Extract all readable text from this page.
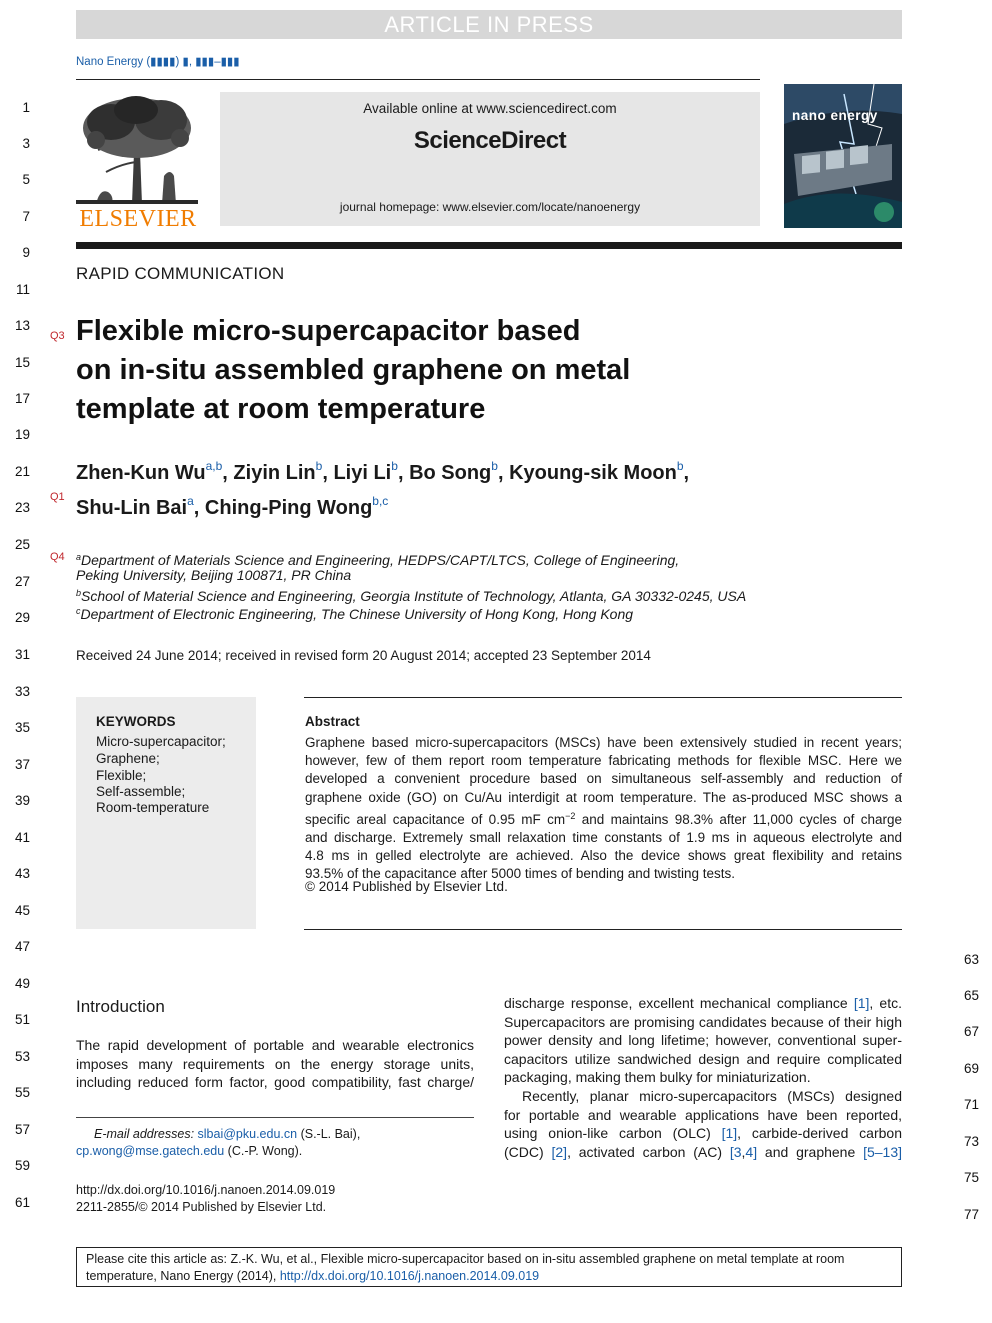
ARTICLE IN PRESS
Nano Energy (▮▮▮▮) ▮, ▮▮▮–▮▮▮
1
3
5
7
9
11
13
15
17
19
21
23
25
27
29
31
33
35
37
39
41
43
45
47
49
51
53
55
57
59
61
63
65
67
69
71
73
75
77
ELSEVIER
Available online at www.sciencedirect.com
ScienceDirect
journal homepage: www.elsevier.com/locate/nanoenergy
nano energy
RAPID COMMUNICATION
Q3
Q1
Q4
Flexible micro-supercapacitor based
on in-situ assembled graphene on metal
template at room temperature
Zhen-Kun Wu$^{a,b}$, Ziyin Lin$^b$, Liyi Li$^b$, Bo Song$^b$, Kyoung-sik Moon$^b$,
Shu-Lin Bai$^a$, Ching-Ping Wong$^{b,c}$
$^a$Department of Materials Science and Engineering, HEDPS/CAPT/LTCS, College of Engineering,
Peking University, Beijing 100871, PR China
$^b$School of Material Science and Engineering, Georgia Institute of Technology, Atlanta, GA 30332-0245, USA
$^c$Department of Electronic Engineering, The Chinese University of Hong Kong, Hong Kong
Received 24 June 2014; received in revised form 20 August 2014; accepted 23 September 2014
KEYWORDS
Micro-supercapacitor;
Graphene;
Flexible;
Self-assemble;
Room-temperature
Abstract
Graphene based micro-supercapacitors (MSCs) have been extensively studied in recent years;
however, few of them report room temperature fabricating methods for flexible MSC. Here we
developed a convenient procedure based on simultaneous self-assembly and reduction of
graphene oxide (GO) on Cu/Au interdigit at room temperature. The as-produced MSC shows a
specific areal capacitance of 0.95 mF $cm^{-2}$ and maintains 98.3% after 11,000 cycles of charge
and discharge. Extremely small relaxation time constants of 1.9 ms in aqueous electrolyte and
4.8 ms in gelled electrolyte are achieved. Also the device shows great flexibility and retains
93.5% of the capacitance after 5000 times of bending and twisting tests.
© 2014 Published by Elsevier Ltd.
Introduction
The rapid development of portable and wearable electronics
imposes many requirements on the energy storage units,
including reduced form factor, good compatibility, fast charge/
discharge response, excellent mechanical compliance [1], etc.
Supercapacitors are promising candidates because of their high
power density and long lifetime; however, conventional super-
capacitors utilize sandwiched design and require complicated
packaging, making them bulky for miniaturization.
Recently, planar micro-supercapacitors (MSCs) designed
for portable and wearable applications have been reported,
using onion-like carbon (OLC) [1], carbide-derived carbon
(CDC) [2], activated carbon (AC) [3,4] and graphene [5–13]
E-mail addresses: slbai@pku.edu.cn (S.-L. Bai),
cp.wong@mse.gatech.edu (C.-P. Wong).
http://dx.doi.org/10.1016/j.nanoen.2014.09.019
2211-2855/© 2014 Published by Elsevier Ltd.
Please cite this article as: Z.-K. Wu, et al., Flexible micro-supercapacitor based on in-situ assembled graphene on metal template at room
temperature, Nano Energy (2014), http://dx.doi.org/10.1016/j.nanoen.2014.09.019
